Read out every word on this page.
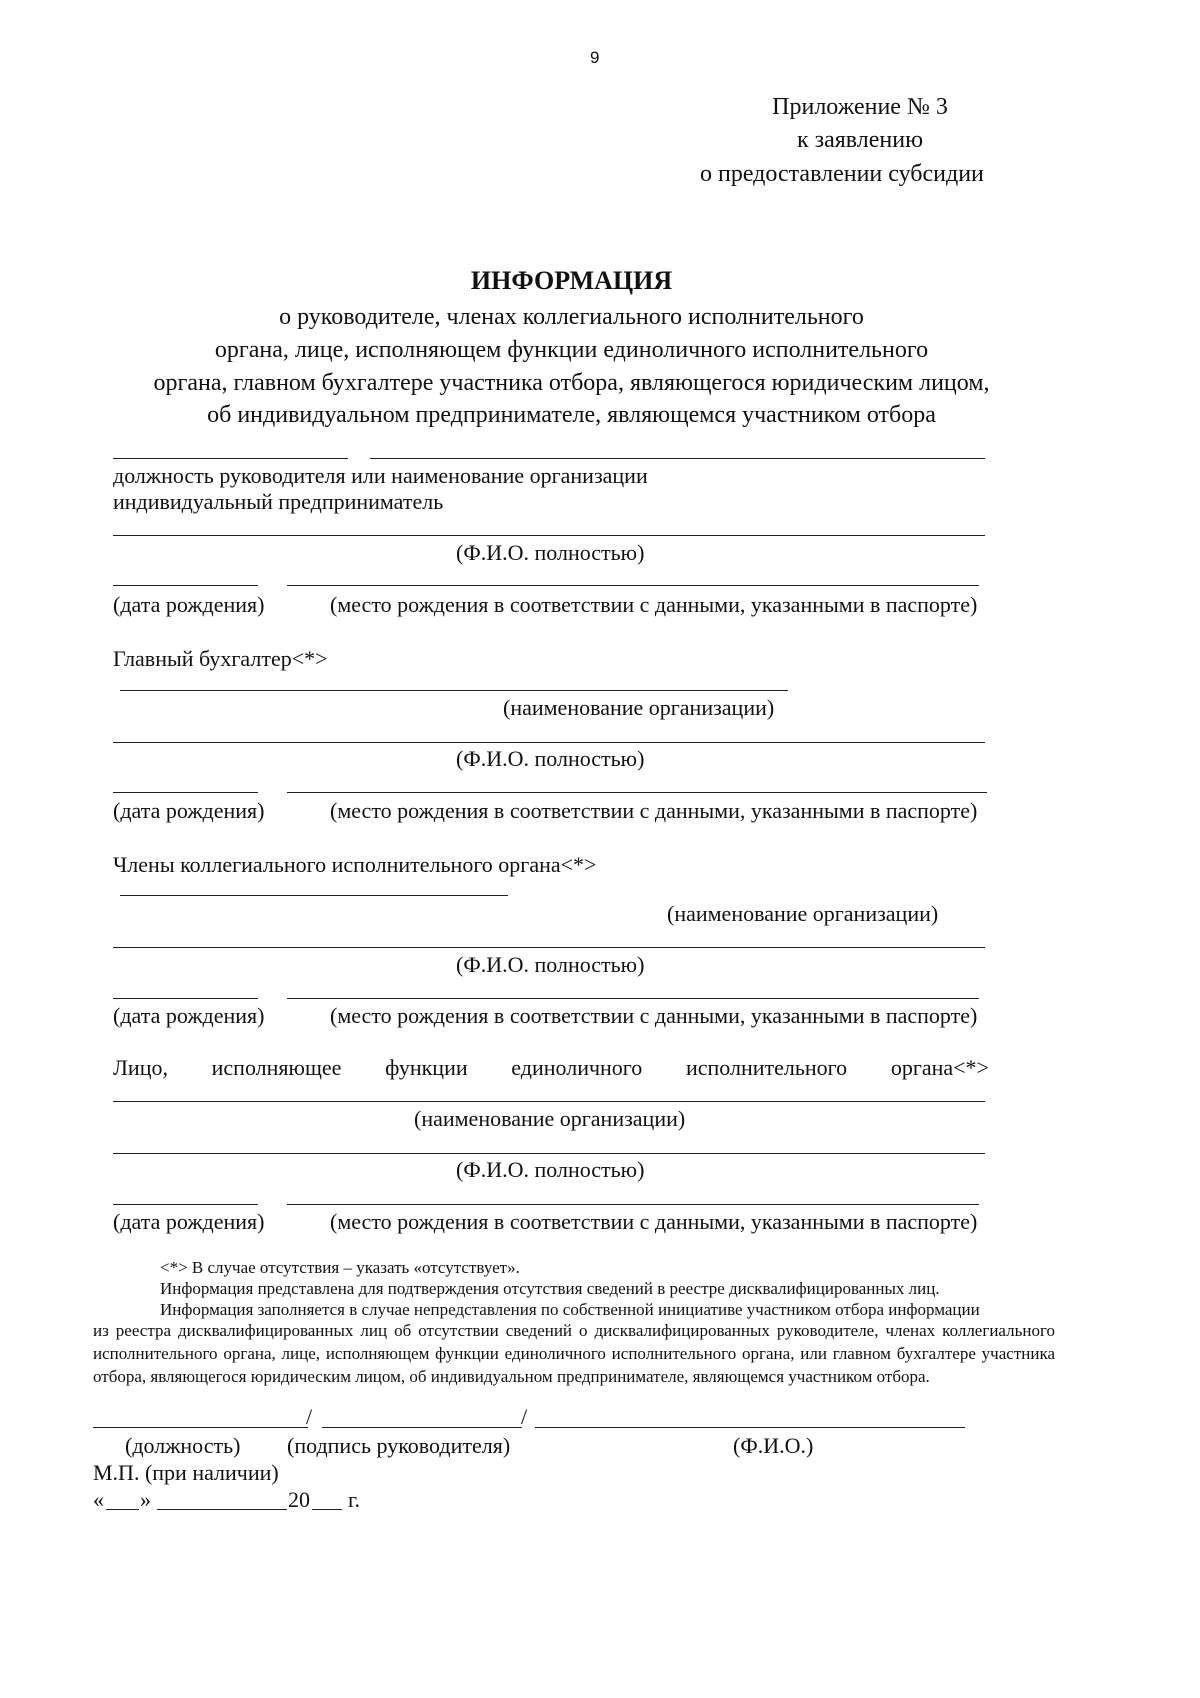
9
Приложение № 3
к заявлению
о предоставлении субсидии
ИНФОРМАЦИЯ
о руководителе, членах коллегиального исполнительного
органа, лице, исполняющем функции единоличного исполнительного
органа, главном бухгалтере участника отбора, являющегося юридическим лицом,
об индивидуальном предпринимателе, являющемся участником отбора
должность руководителя или наименование организации
индивидуальный предприниматель
(Ф.И.О. полностью)
(дата рождения)	(место рождения в соответствии с данными, указанными в паспорте)
Главный бухгалтер<*>
(наименование организации)
(Ф.И.О. полностью)
(дата рождения)	(место рождения в соответствии с данными, указанными в паспорте)
Члены коллегиального исполнительного органа<*>
(наименование организации)
(Ф.И.О. полностью)
(дата рождения)	(место рождения в соответствии с данными, указанными в паспорте)
Лицо, исполняющее функции единоличного исполнительного органа<*>
(наименование организации)
(Ф.И.О. полностью)
(дата рождения)	(место рождения в соответствии с данными, указанными в паспорте)
<*> В случае отсутствия – указать «отсутствует».
Информация представлена для подтверждения отсутствия сведений в реестре дисквалифицированных лиц.
Информация заполняется в случае непредставления по собственной инициативе участником отбора информации
из реестра дисквалифицированных лиц об отсутствии сведений о дисквалифицированных руководителе, членах коллегиального исполнительного органа, лице, исполняющем функции единоличного исполнительного органа, или главном бухгалтере участника отбора, являющегося юридическим лицом, об индивидуальном предпринимателе, являющемся участником отбора.
/	/
(должность) (подпись руководителя)	(Ф.И.О.)
М.П. (при наличии)
« »	20 г.
